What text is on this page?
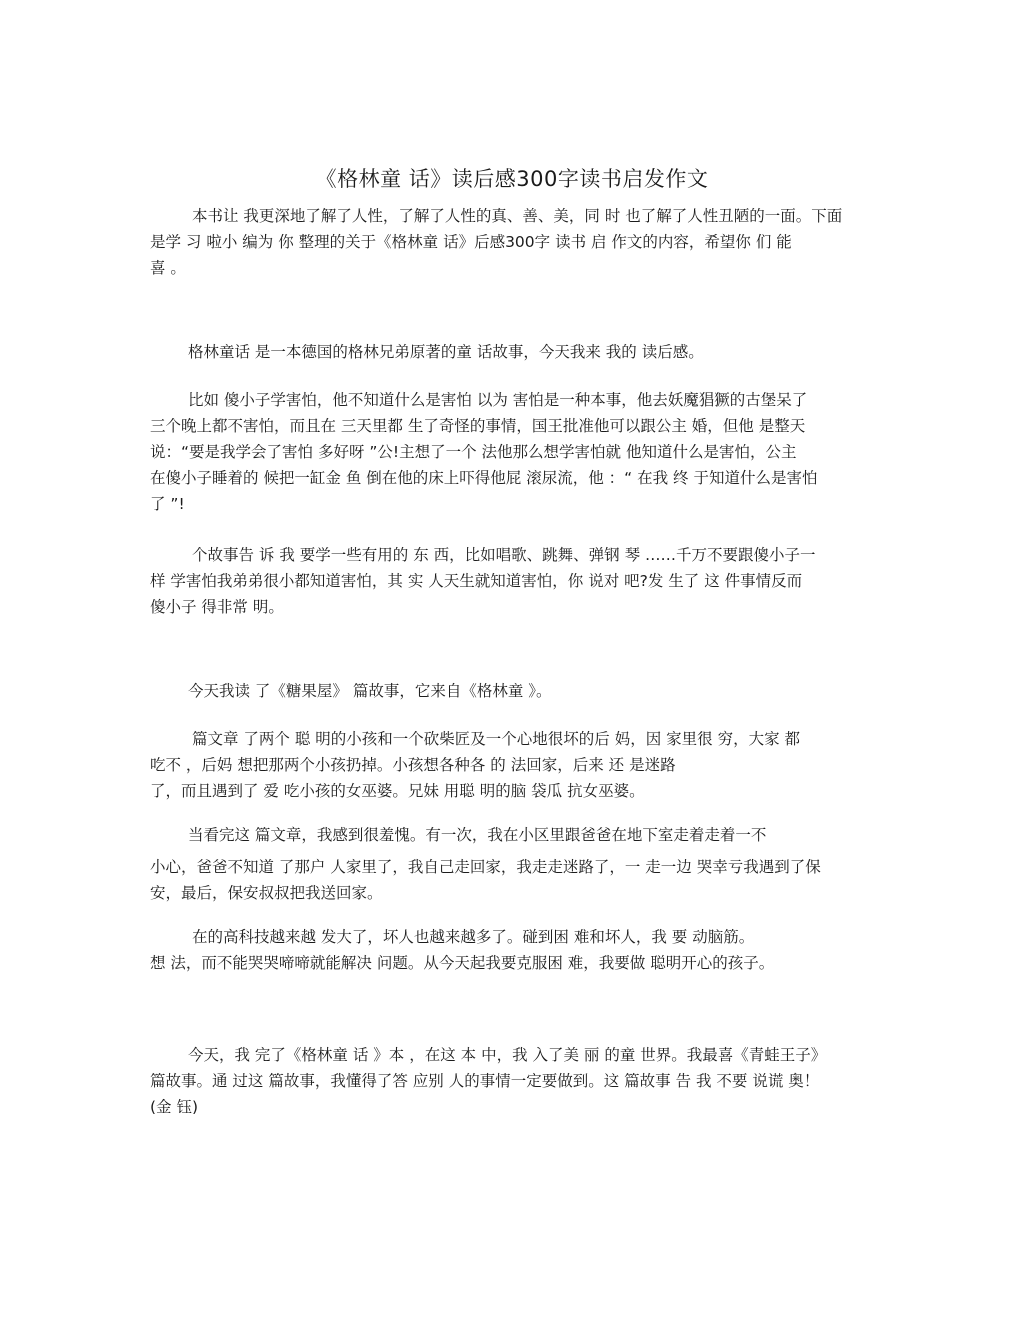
《格林童 话》读后感300字读书启发作文
本书让 我更深地了解了人性，了解了人性的真、善、美，同 时 也了解了人性丑陋的一面。下面
是学 习 啦小 编为 你 整理的关于《格林童 话》后感300字 读书 启 作文的内容，希望你 们 能
喜 。
格林童话 是一本德国的格林兄弟原著的童 话故事，今天我来 我的 读后感。
比如 傻小子学害怕，他不知道什么是害怕 以为 害怕是一种本事，他去妖魔猖獗的古堡呆了
三个晚上都不害怕，而且在 三天里都 生了奇怪的事情，国王批准他可以跟公主 婚，但他 是整天
说：“要是我学会了害怕 多好呀 ”公!主想了一个 法他那么想学害怕就 他知道什么是害怕，公主
在傻小子睡着的 候把一缸金 鱼 倒在他的床上吓得他屁 滚尿流，他 ：“ 在我 终 于知道什么是害怕
了 ”!
个故事告 诉 我 要学一些有用的 东 西，比如唱歌、跳舞、弹钢 琴 ……千万不要跟傻小子一
样 学害怕我弟弟很小都知道害怕，其 实 人天生就知道害怕，你 说对 吧?发 生了 这 件事情反而
傻小子 得非常 明。
今天我读 了《糖果屋》 篇故事，它来自《格林童 》。
篇文章 了两个 聪 明的小孩和一个砍柴匠及一个心地很坏的后 妈，因 家里很 穷，大家 都
吃不 ，后妈 想把那两个小孩扔掉。小孩想各种各 的 法回家，后来 还 是迷路
了，而且遇到了 爱 吃小孩的女巫婆。兄妹 用聪 明的脑 袋瓜 抗女巫婆。
当看完这 篇文章，我感到很羞愧。有一次，我在小区里跟爸爸在地下室走着走着一不
小心，爸爸不知道 了那户 人家里了，我自己走回家，我走走迷路了，一 走一边 哭幸亏我遇到了保
安，最后，保安叔叔把我送回家。
在的高科技越来越 发大了，坏人也越来越多了。碰到困 难和坏人，我 要 动脑筋。
想 法，而不能哭哭啼啼就能解决 问题。从今天起我要克服困 难，我要做 聪明开心的孩子。
今天，我 完了《格林童 话 》本 ，在这 本 中，我 入了美 丽 的童 世界。我最喜《青蛙王子》
篇故事。通 过这 篇故事，我懂得了答 应别 人的事情一定要做到。这 篇故事 告 我 不要 说谎 奥！
(金 钰)
